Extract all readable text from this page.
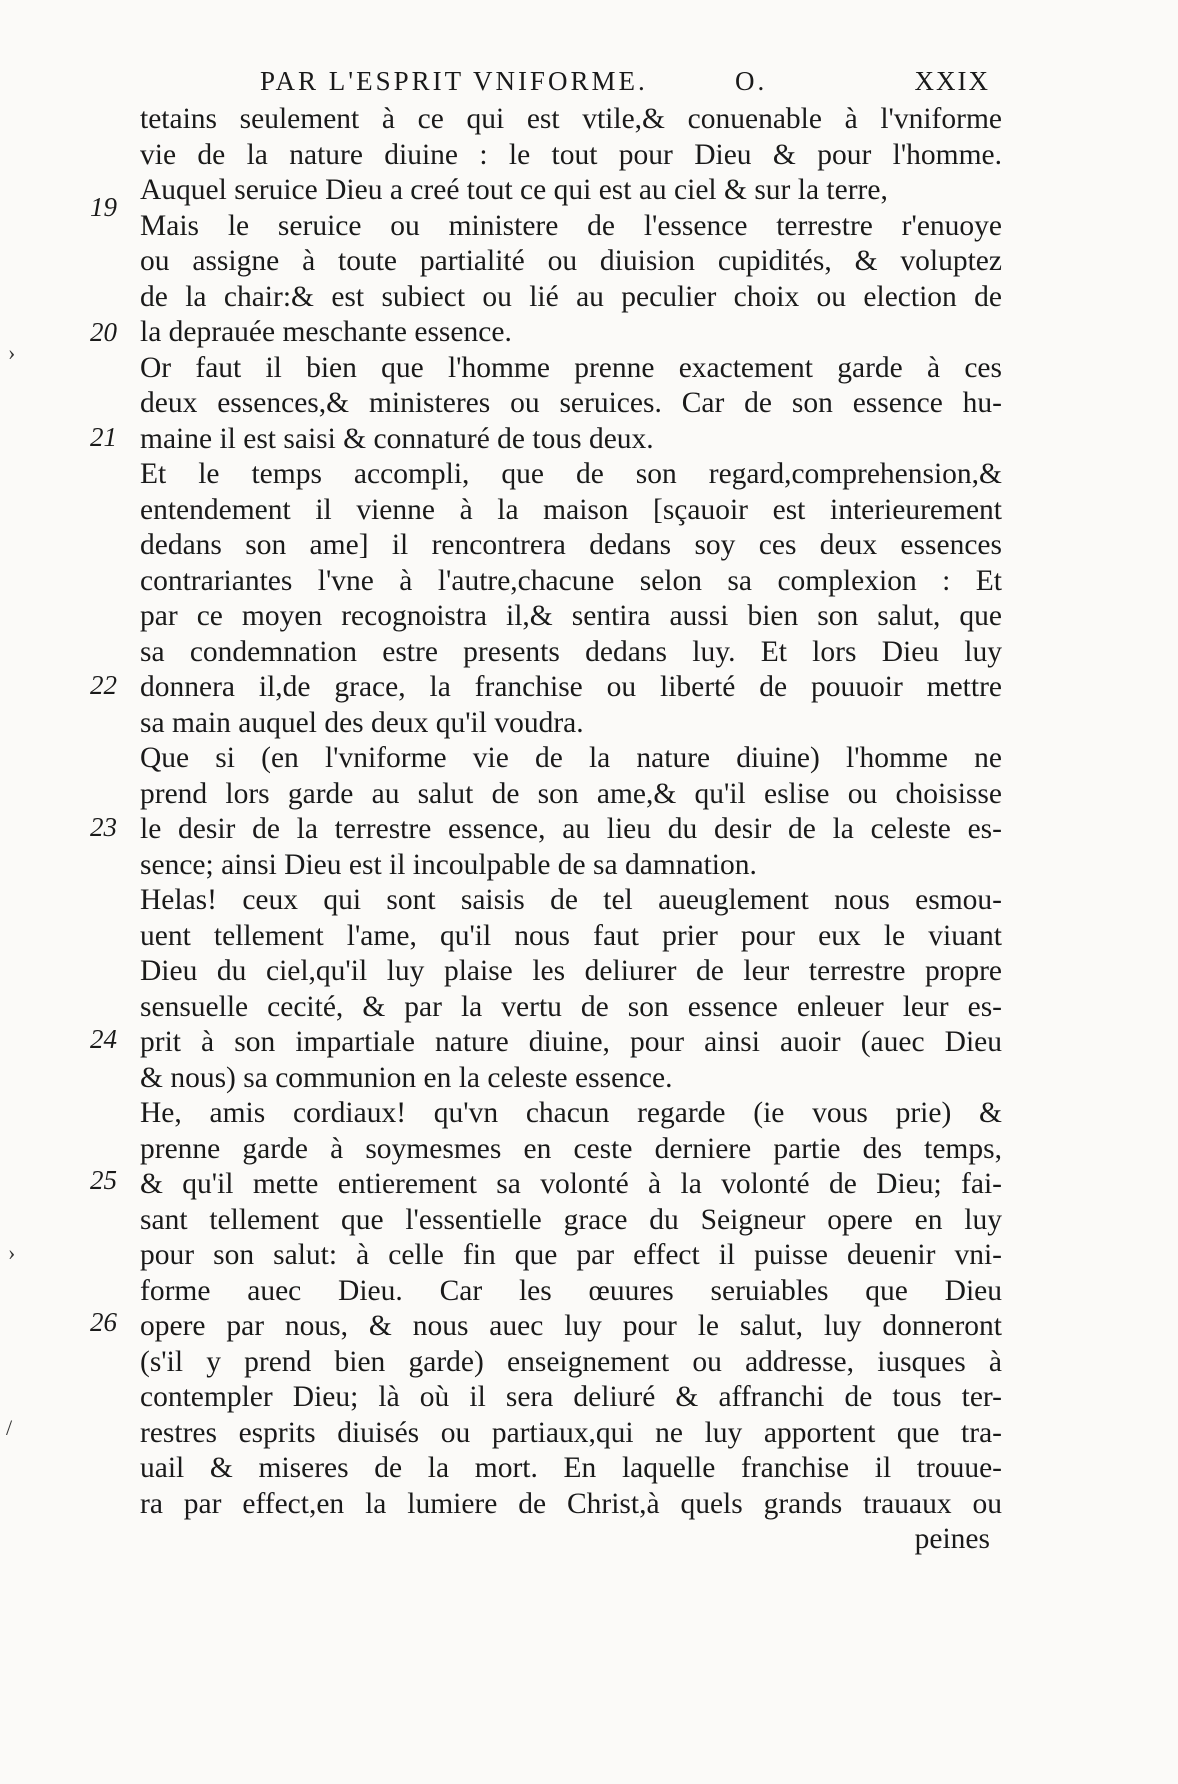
PAR L'ESPRIT VNIFORME.	O.	XXIX
19
20
21
22
23
24
25
26
›
›
/
tetains seulement à ce qui est vtile,& conuenable à l'vniforme
vie de la nature diuine : le tout pour Dieu & pour l'homme.
Auquel seruice Dieu a creé tout ce qui est au ciel & sur la terre,
Mais le seruice ou ministere de l'essence terrestre r'enuoye
ou assigne à toute partialité ou diuision cupidités, & voluptez
de la chair:& est subiect ou lié au peculier choix ou election de
la deprauée meschante essence.
Or faut il bien que l'homme prenne exactement garde à ces
deux essences,& ministeres ou seruices. Car de son essence hu-
maine il est saisi & connaturé de tous deux.
Et le temps accompli, que de son regard,comprehension,&
entendement il vienne à la maison [sçauoir est interieurement
dedans son ame] il rencontrera dedans soy ces deux essences
contrariantes l'vne à l'autre,chacune selon sa complexion : Et
par ce moyen recognoistra il,& sentira aussi bien son salut, que
sa condemnation estre presents dedans luy. Et lors Dieu luy
donnera il,de grace, la franchise ou liberté de pouuoir mettre
sa main auquel des deux qu'il voudra.
Que si (en l'vniforme vie de la nature diuine) l'homme ne
prend lors garde au salut de son ame,& qu'il eslise ou choisisse
le desir de la terrestre essence, au lieu du desir de la celeste es-
sence; ainsi Dieu est il incoulpable de sa damnation.
Helas! ceux qui sont saisis de tel aueuglement nous esmou-
uent tellement l'ame, qu'il nous faut prier pour eux le viuant
Dieu du ciel,qu'il luy plaise les deliurer de leur terrestre propre
sensuelle cecité, & par la vertu de son essence enleuer leur es-
prit à son impartiale nature diuine, pour ainsi auoir (auec Dieu
& nous) sa communion en la celeste essence.
He, amis cordiaux! qu'vn chacun regarde (ie vous prie) &
prenne garde à soymesmes en ceste derniere partie des temps,
& qu'il mette entierement sa volonté à la volonté de Dieu; fai-
sant tellement que l'essentielle grace du Seigneur opere en luy
pour son salut: à celle fin que par effect il puisse deuenir vni-
forme auec Dieu. Car les œuures seruiables que Dieu
opere par nous, & nous auec luy pour le salut, luy donneront
(s'il y prend bien garde) enseignement ou addresse, iusques à
contempler Dieu; là où il sera deliuré & affranchi de tous ter-
restres esprits diuisés ou partiaux,qui ne luy apportent que tra-
uail & miseres de la mort. En laquelle franchise il trouue-
ra par effect,en la lumiere de Christ,à quels grands trauaux ou
peines
